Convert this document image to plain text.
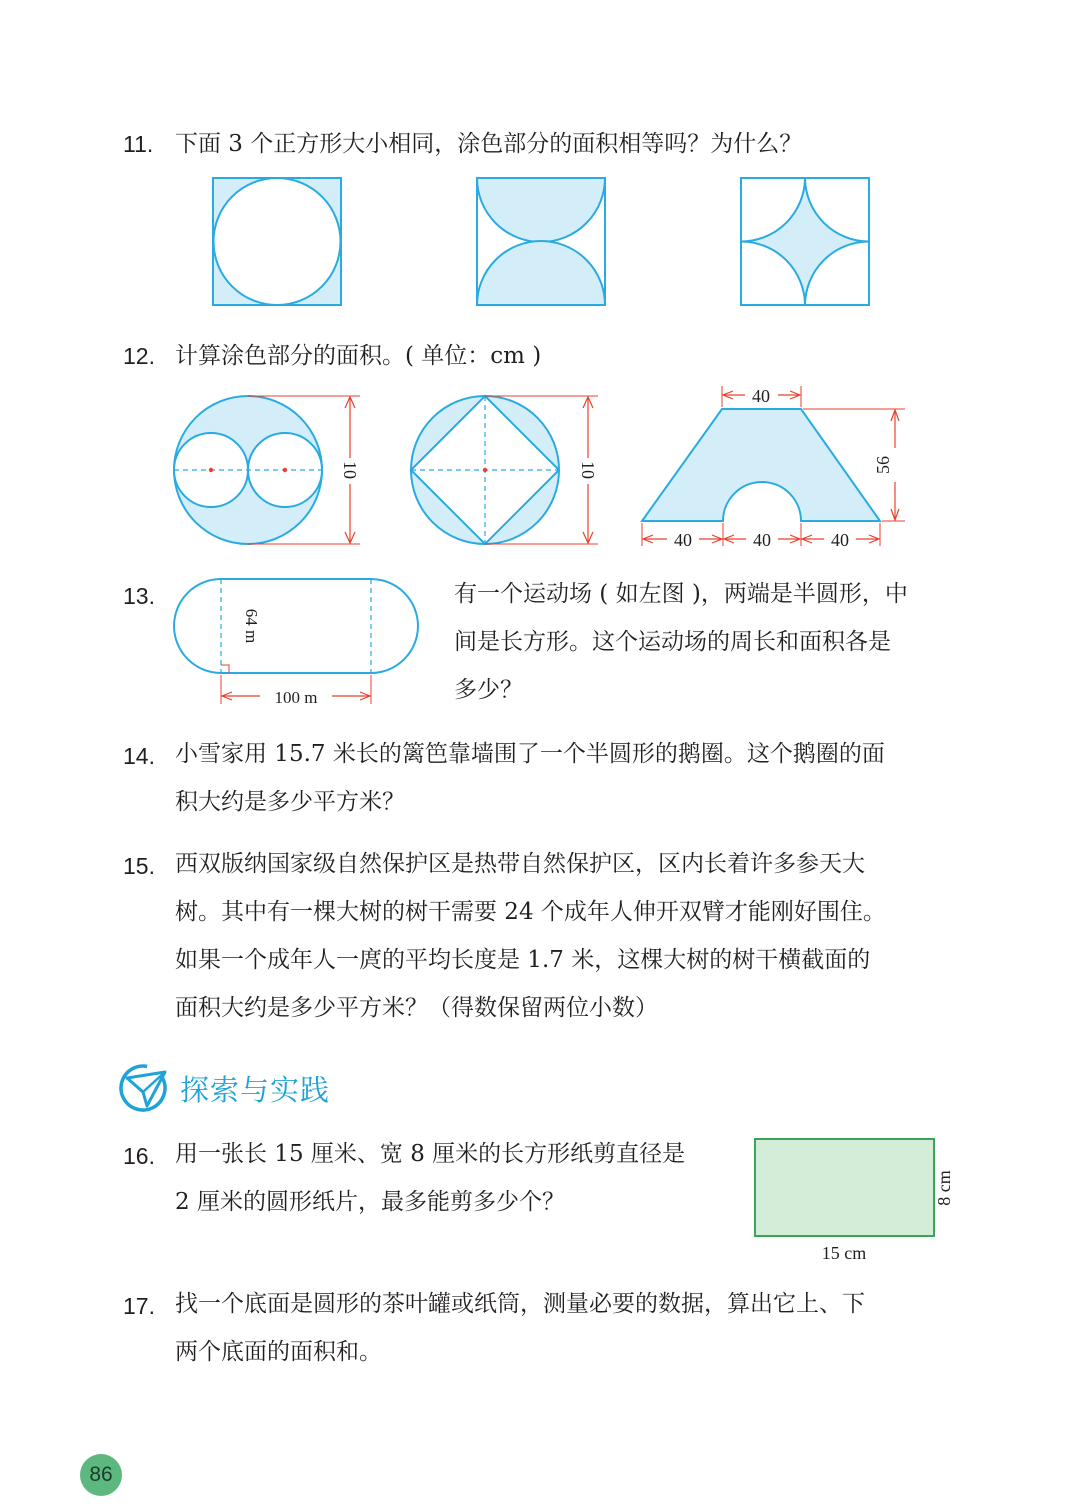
11. 下面 3 个正方形大小相同，涂色部分的面积相等吗？为什么？
12. 计算涂色部分的面积。( 单位：cm )
10	10
40
56
40	40	40
13.
64 m
100 m
有一个运动场 ( 如左图 )，两端是半圆形，中
间是长方形。这个运动场的周长和面积各是
多少？
14. 小雪家用 15.7 米长的篱笆靠墙围了一个半圆形的鹅圈。这个鹅圈的面
积大约是多少平方米？
15. 西双版纳国家级自然保护区是热带自然保护区，区内长着许多参天大
树。其中有一棵大树的树干需要 24 个成年人伸开双臂才能刚好围住。
如果一个成年人一庹的平均长度是 1.7 米，这棵大树的树干横截面的
面积大约是多少平方米？（得数保留两位小数）
探索与实践
16. 用一张长 15 厘米、宽 8 厘米的长方形纸剪直径是
2 厘米的圆形纸片，最多能剪多少个？	8 cm
15 cm
17. 找一个底面是圆形的茶叶罐或纸筒，测量必要的数据，算出它上、下
两个底面的面积和。
86
